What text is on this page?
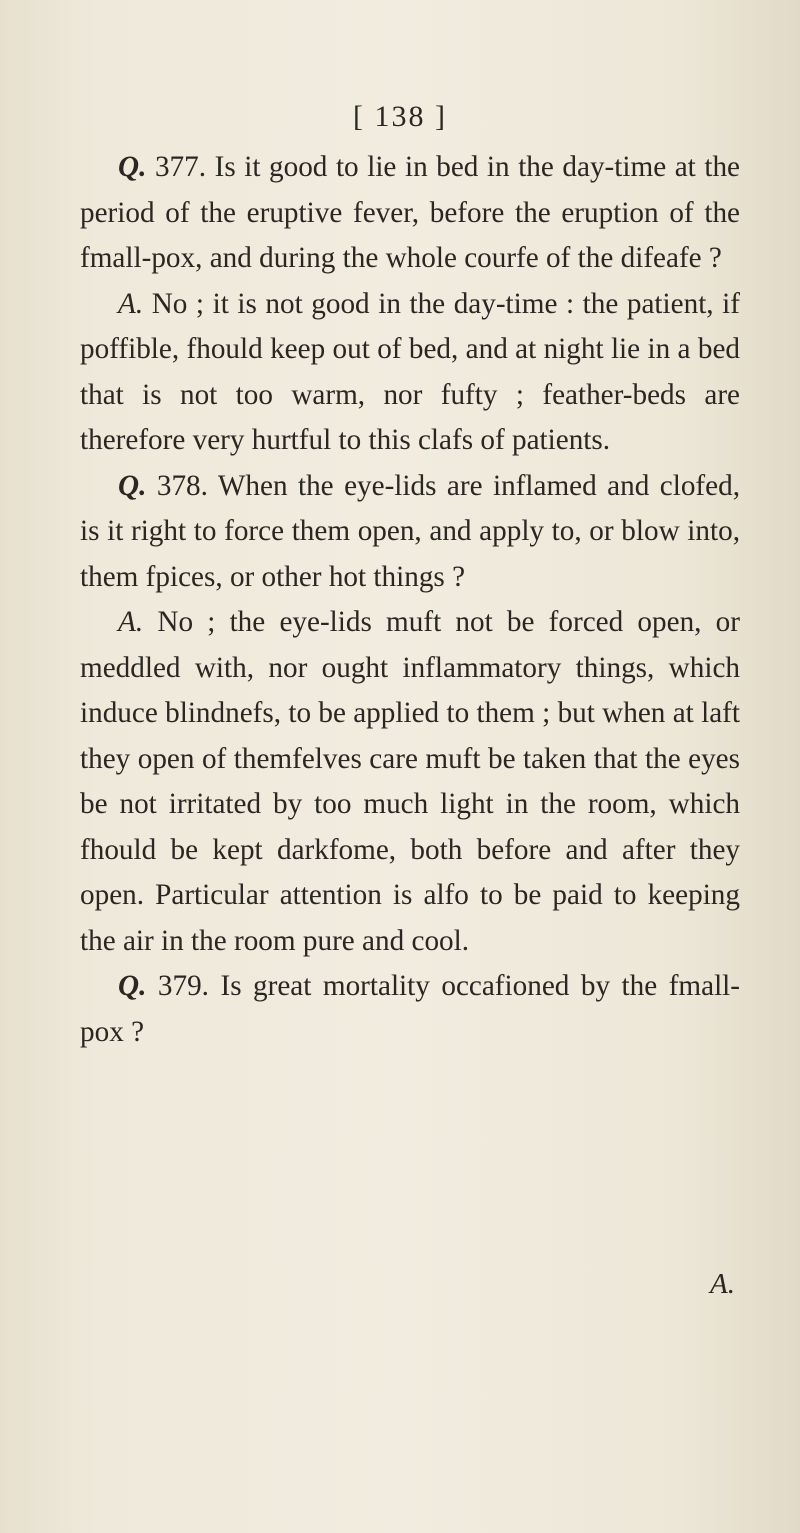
[ 138 ]

Q. 377. Is it good to lie in bed in the day-time at the period of the eruptive fever, before the eruption of the fmall-pox, and during the whole courfe of the difeafe ?

A. No ; it is not good in the day-time : the patient, if poffible, fhould keep out of bed, and at night lie in a bed that is not too warm, nor fufty ; feather-beds are therefore very hurtful to this clafs of patients.

Q. 378. When the eye-lids are inflamed and clofed, is it right to force them open, and apply to, or blow into, them fpices, or other hot things ?

A. No ; the eye-lids muft not be forced open, or meddled with, nor ought inflammatory things, which induce blindnefs, to be applied to them ; but when at laft they open of themfelves care muft be taken that the eyes be not irritated by too much light in the room, which fhould be kept darkfome, both before and after they open. Particular attention is alfo to be paid to keeping the air in the room pure and cool.

Q. 379. Is great mortality occafioned by the fmall-pox ?

A.
